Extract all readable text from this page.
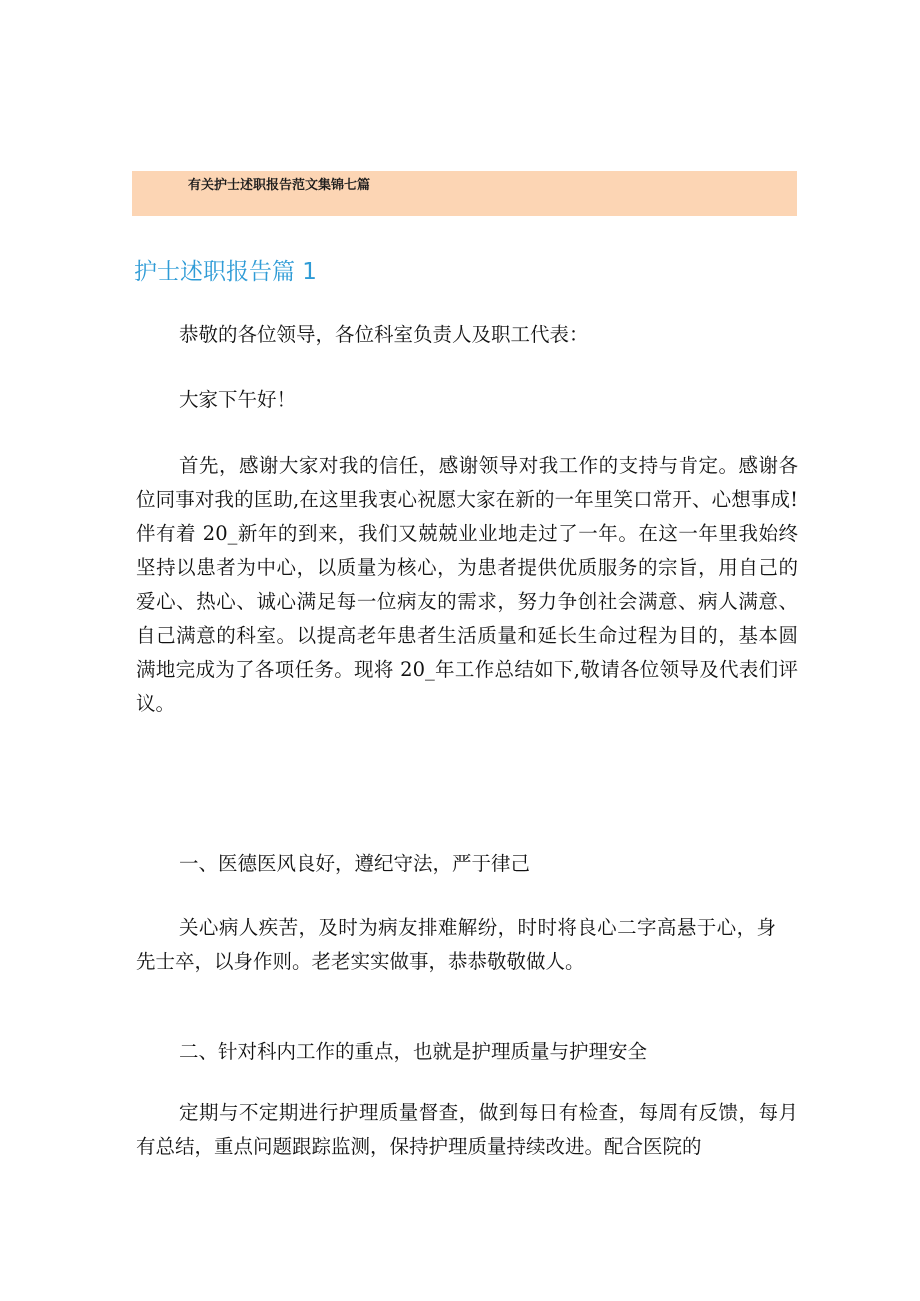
有关护士述职报告范文集锦七篇
护士述职报告篇 1

恭敬的各位领导，各位科室负责人及职工代表：

大家下午好！

首先，感谢大家对我的信任，感谢领导对我工作的支持与肯定。感谢各位同事对我的匡助,在这里我衷心祝愿大家在新的一年里笑口常开、心想事成!伴有着 20_新年的到来，我们又兢兢业业地走过了一年。在这一年里我始终坚持以患者为中心，以质量为核心，为患者提供优质服务的宗旨，用自己的爱心、热心、诚心满足每一位病友的需求，努力争创社会满意、病人满意、自己满意的科室。以提高老年患者生活质量和延长生命过程为目的，基本圆满地完成为了各项任务。现将 20_年工作总结如下,敬请各位领导及代表们评议。

一、医德医风良好，遵纪守法，严于律己

关心病人疾苦，及时为病友排难解纷，时时将良心二字高悬于心，身先士卒，以身作则。老老实实做事，恭恭敬敬做人。

二、针对科内工作的重点，也就是护理质量与护理安全

定期与不定期进行护理质量督查，做到每日有检查，每周有反馈，每月有总结，重点问题跟踪监测，保持护理质量持续改进。配合医院的
